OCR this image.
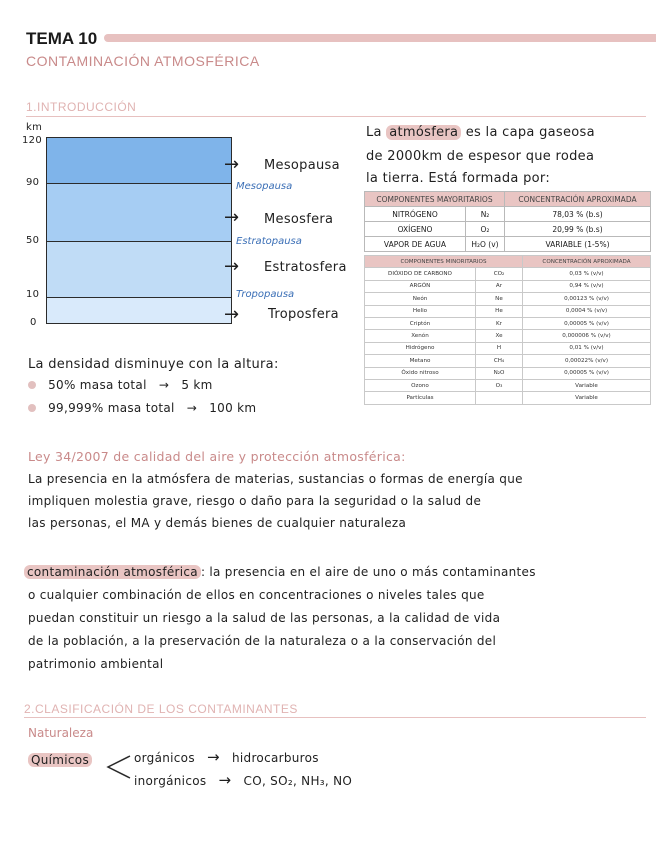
TEMA 10
CONTAMINACIÓN ATMOSFÉRICA
1.INTRODUCCIÓN
km
120
90
50
10
0
→ Mesopausa
Mesopausa
→ Mesosfera
Estratopausa
→ Estratosfera
Tropopausa
→ Troposfera
La atmósfera es la capa gaseosa
de 2000km de espesor que rodea
la tierra. Está formada por:
COMPONENTES MAYORITARIOS		CONCENTRACIÓN APROXIMADA
NITRÓGENO	N₂	78,03 % (b.s)
OXÍGENO	O₂	20,99 % (b.s)
VAPOR DE AGUA	H₂O (v)	VARIABLE (1-5%)
COMPONENTES MINORITARIOS		CONCENTRACIÓN APROXIMADA
DIÓXIDO DE CARBONO	CO₂	0,03 % (v/v)
ARGÓN	Ar	0,94 % (v/v)
Neón	Ne	0,00123 % (v/v)
Helio	He	0,0004 % (v/v)
Criptón	Kr	0,00005 % (v/v)
Xenón	Xe	0,000006 % (v/v)
Hidrógeno	H	0,01 % (v/v)
Metano	CH₄	0,00022% (v/v)
Óxido nitroso	N₂O	0,00005 % (v/v)
Ozono	O₃	Variable
Partículas		Variable
La densidad disminuye con la altura:
50% masa total → 5 km
99,999% masa total → 100 km
Ley 34/2007 de calidad del aire y protección atmosférica:
La presencia en la atmósfera de materias, sustancias o formas de energía que
impliquen molestia grave, riesgo o daño para la seguridad o la salud de
las personas, el MA y demás bienes de cualquier naturaleza
contaminación atmosférica : la presencia en el aire de uno o más contaminantes
o cualquier combinación de ellos en concentraciones o niveles tales que
puedan constituir un riesgo a la salud de las personas, a la calidad de vida
de la población, a la preservación de la naturaleza o a la conservación del
patrimonio ambiental
2.CLASIFICACIÓN DE LOS CONTAMINANTES
Naturaleza
Químicos	orgánicos → hidrocarburos
inorgánicos → CO, SO₂, NH₃, NO
